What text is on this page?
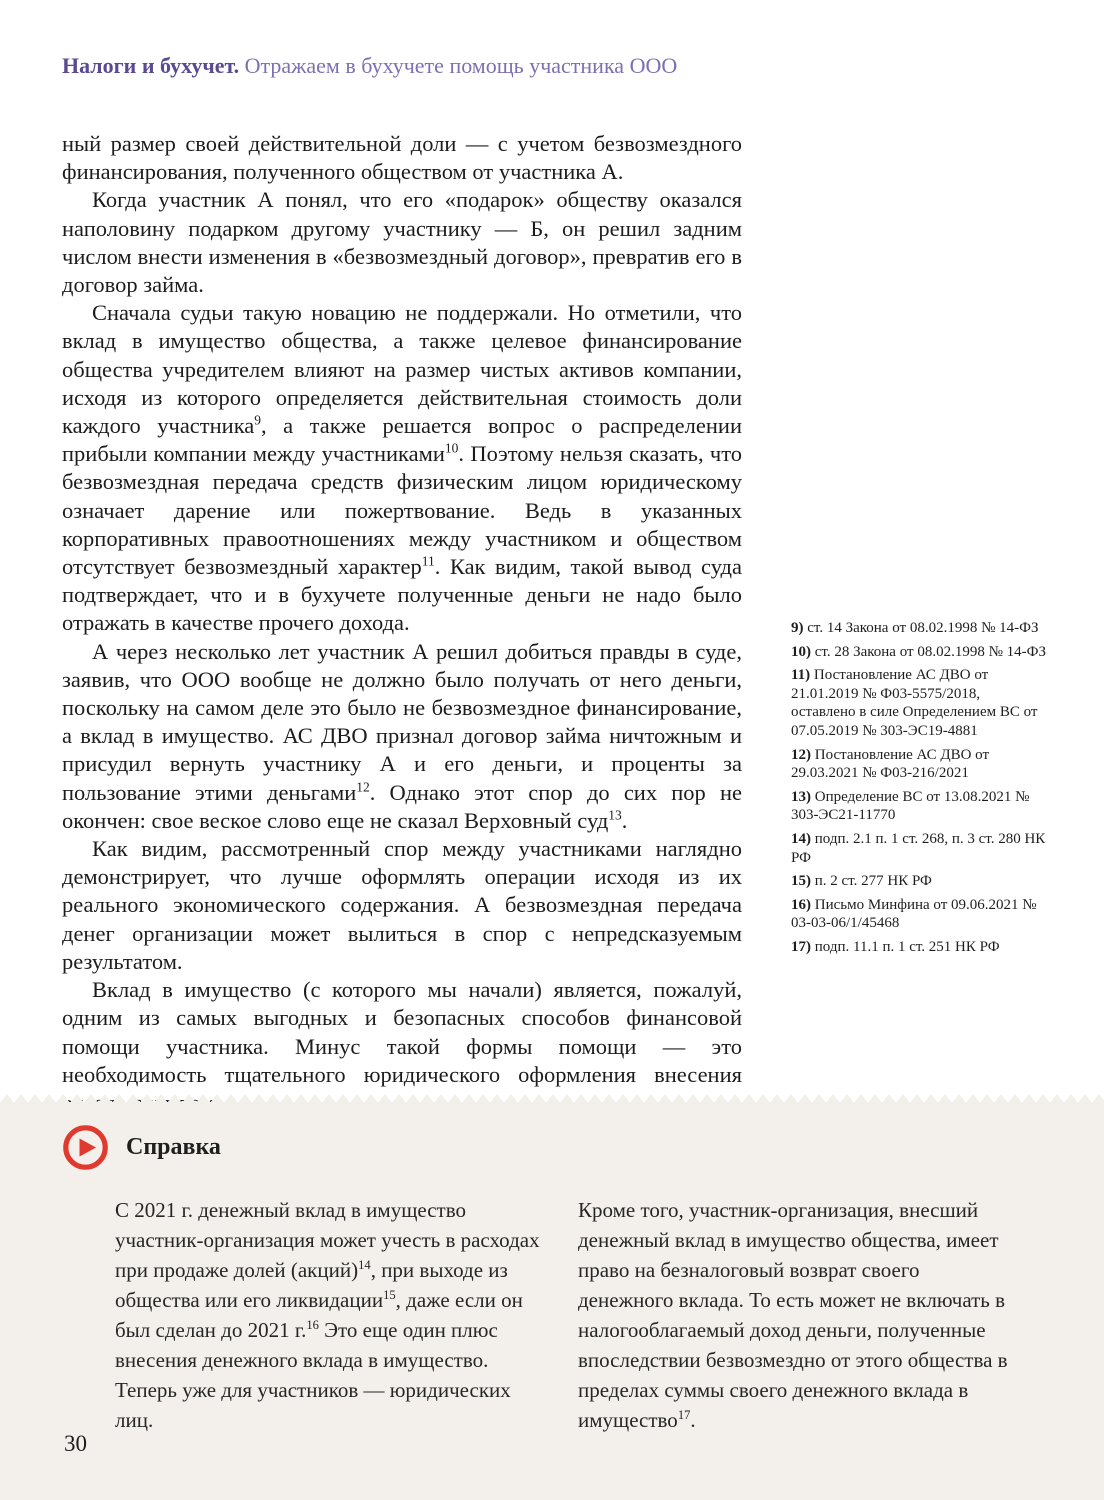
Налоги и бухучет. Отражаем в бухучете помощь участника ООО

ный размер своей действительной доли — с учетом безвозмездного финансирования, полученного обществом от участника А.

Когда участник А понял, что его «подарок» обществу оказался наполовину подарком другому участнику — Б, он решил задним числом внести изменения в «безвозмездный договор», превратив его в договор займа.

Сначала судьи такую новацию не поддержали. Но отметили, что вклад в имущество общества, а также целевое финансирование общества учредителем влияют на размер чистых активов компании, исходя из которого определяется действительная стоимость доли каждого участника$^9$, а также решается вопрос о распределении прибыли компании между участниками$^{10}$. Поэтому нельзя сказать, что безвозмездная передача средств физическим лицом юридическому означает дарение или пожертвование. Ведь в указанных корпоративных правоотношениях между участником и обществом отсутствует безвозмездный характер$^{11}$. Как видим, такой вывод суда подтверждает, что и в бухучете полученные деньги не надо было отражать в качестве прочего дохода.

А через несколько лет участник А решил добиться правды в суде, заявив, что ООО вообще не должно было получать от него деньги, поскольку на самом деле это было не безвозмездное финансирование, а вклад в имущество. АС ДВО признал договор займа ничтожным и присудил вернуть участнику А и его деньги, и проценты за пользование этими деньгами$^{12}$. Однако этот спор до сих пор не окончен: свое веское слово еще не сказал Верховный суд$^{13}$.

Как видим, рассмотренный спор между участниками наглядно демонстрирует, что лучше оформлять операции исходя из их реального экономического содержания. А безвозмездная передача денег организации может вылиться в спор с непредсказуемым результатом.

Вклад в имущество (с которого мы начали) является, пожалуй, одним из самых выгодных и безопасных способов финансовой помощи участника. Минус такой формы помощи — это необходимость тщательного юридического оформления внесения

9) ст. 14 Закона от 08.02.1998 № 14-ФЗ

10) ст. 28 Закона от 08.02.1998 № 14-ФЗ

11) Постановление АС ДВО от 21.01.2019 № Ф03-5575/2018, оставлено в силе Определением ВС от 07.05.2019 № 303-ЭС19-4881

12) Постановление АС ДВО от 29.03.2021 № Ф03-216/2021

13) Определение ВС от 13.08.2021 № 303-ЭС21-11770

14) подп. 2.1 п. 1 ст. 268, п. 3 ст. 280 НК РФ

15) п. 2 ст. 277 НК РФ

16) Письмо Минфина от 09.06.2021 № 03-03-06/1/45468

17) подп. 11.1 п. 1 ст. 251 НК РФ

Справка
С 2021 г. денежный вклад в имущество участник-организация может учесть в расходах при продаже долей (акций)$^{14}$, при выходе из общества или его ликвидации$^{15}$, даже если он был сделан до 2021 г.$^{16}$ Это еще один плюс внесения денежного вклада в имущество. Теперь уже для участников — юридических лиц.
Кроме того, участник-организация, внесший денежный вклад в имущество общества, имеет право на безналоговый возврат своего денежного вклада. То есть может не включать в налогооблагаемый доход деньги, полученные впоследствии безвозмездно от этого общества в пределах суммы своего денежного вклада в имущество$^{17}$.
30
